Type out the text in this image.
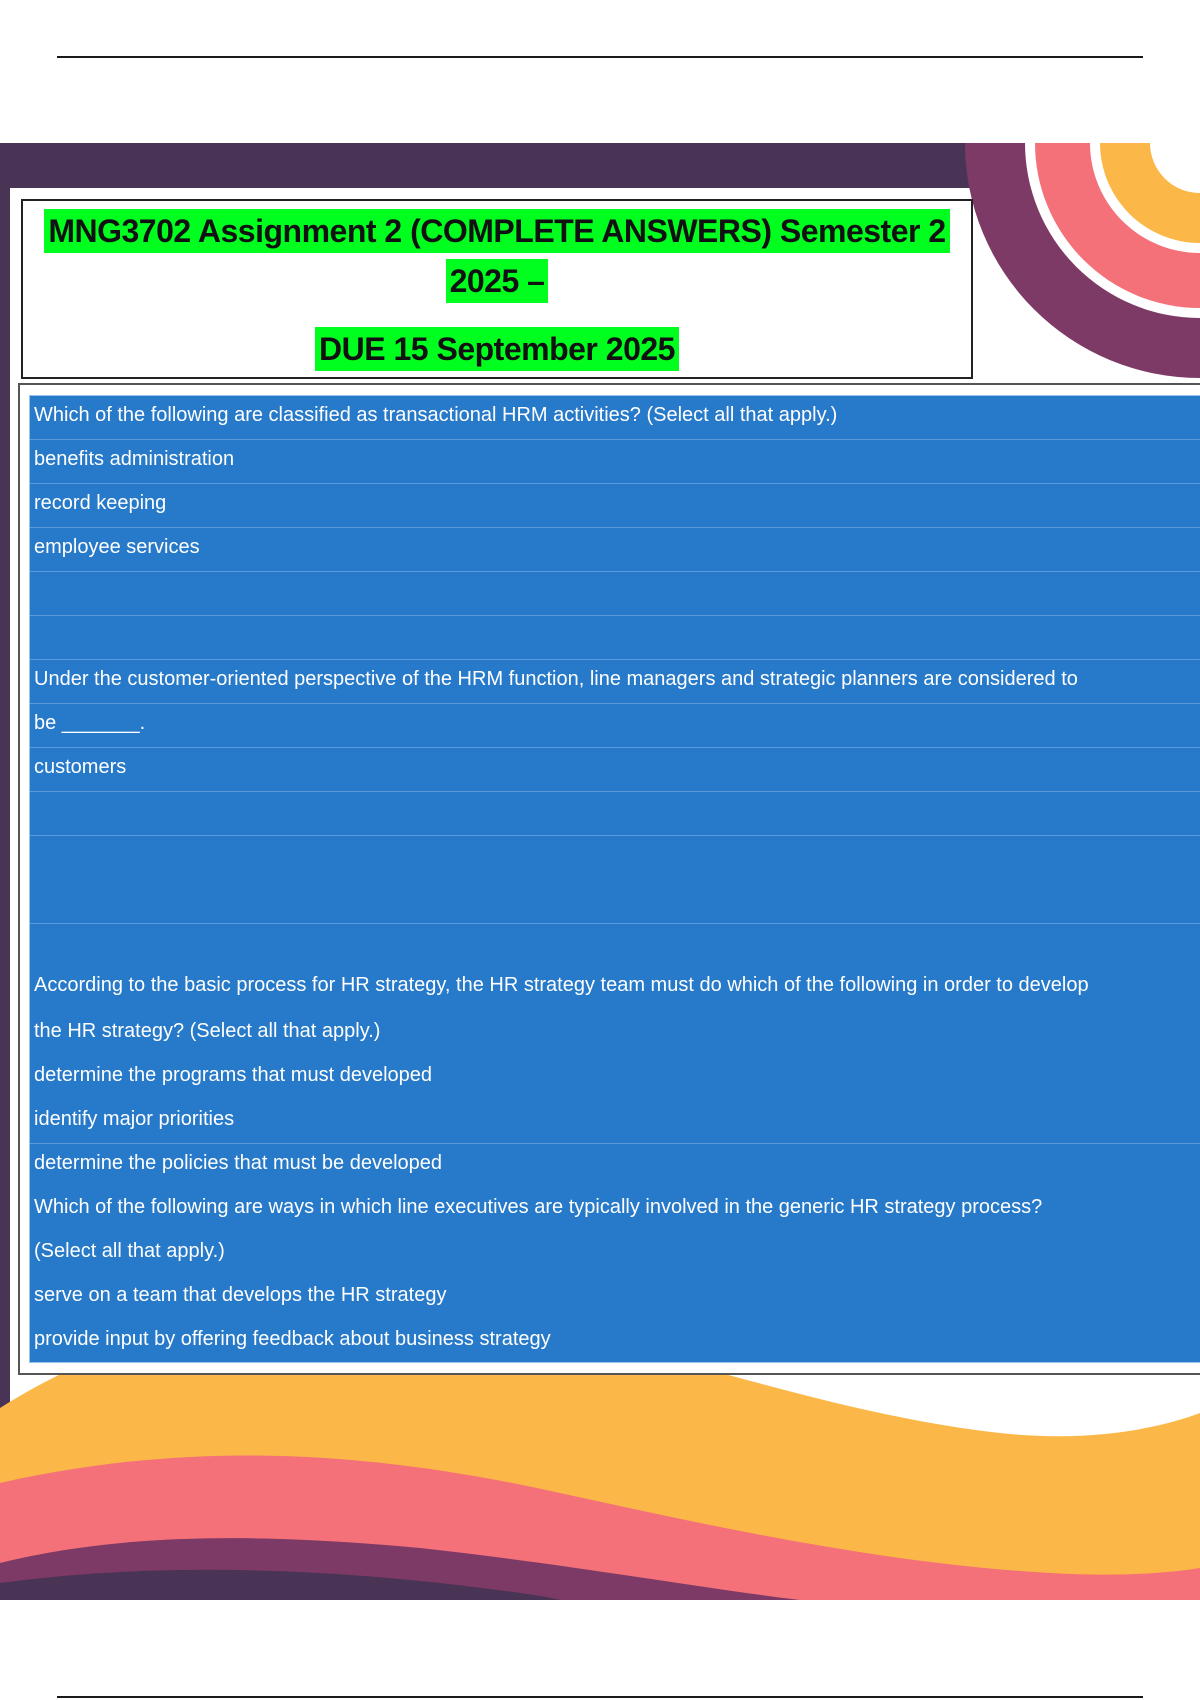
MNG3702 Assignment 2 (COMPLETE ANSWERS) Semester 2
2025 –
DUE 15 September 2025
Which of the following are classified as transactional HRM activities? (Select all that apply.)
benefits administration
record keeping
employee services
Under the customer-oriented perspective of the HRM function, line managers and strategic planners are considered to
be _______.
customers
According to the basic process for HR strategy, the HR strategy team must do which of the following in order to develop
the HR strategy? (Select all that apply.)
determine the programs that must developed
identify major priorities
determine the policies that must be developed
Which of the following are ways in which line executives are typically involved in the generic HR strategy process?
(Select all that apply.)
serve on a team that develops the HR strategy
provide input by offering feedback about business strategy
